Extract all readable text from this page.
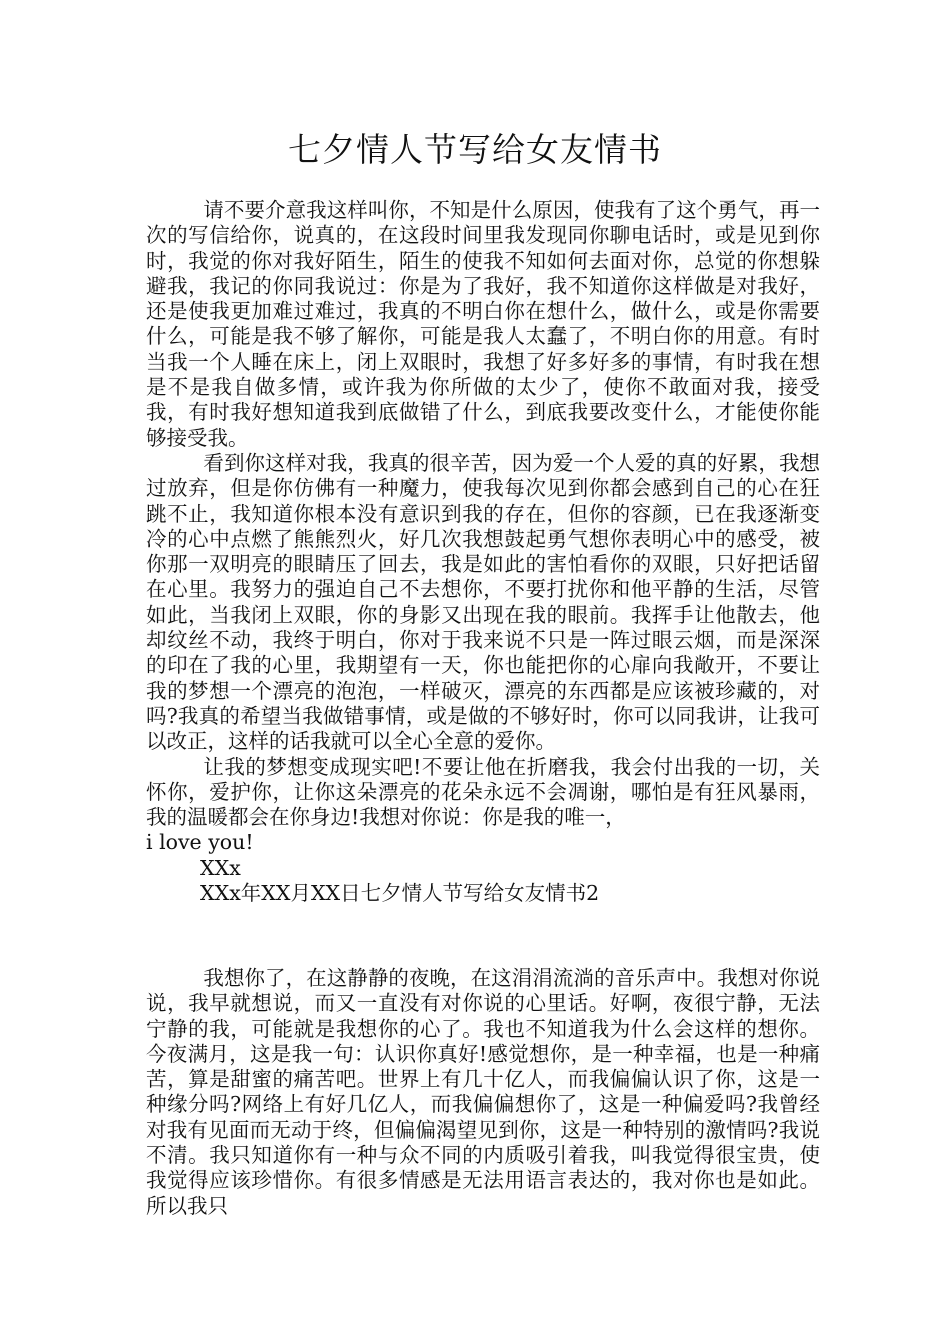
七夕情人节写给女友情书

请不要介意我这样叫你，不知是什么原因，使我有了这个勇气，再一次的写信给你，说真的，在这段时间里我发现同你聊电话时，或是见到你时，我觉的你对我好陌生，陌生的使我不知如何去面对你，总觉的你想躲避我，我记的你同我说过：你是为了我好，我不知道你这样做是对我好，还是使我更加难过难过，我真的不明白你在想什么，做什么，或是你需要什么，可能是我不够了解你，可能是我人太蠢了，不明白你的用意。有时当我一个人睡在床上，闭上双眼时，我想了好多好多的事情，有时我在想是不是我自做多情，或许我为你所做的太少了，使你不敢面对我，接受我，有时我好想知道我到底做错了什么，到底我要改变什么，才能使你能够接受我。

看到你这样对我，我真的很辛苦，因为爱一个人爱的真的好累，我想过放弃，但是你仿佛有一种魔力，使我每次见到你都会感到自己的心在狂跳不止，我知道你根本没有意识到我的存在，但你的容颜，已在我逐渐变冷的心中点燃了熊熊烈火，好几次我想鼓起勇气想你表明心中的感受，被你那一双明亮的眼睛压了回去，我是如此的害怕看你的双眼，只好把话留在心里。我努力的强迫自己不去想你，不要打扰你和他平静的生活，尽管如此，当我闭上双眼，你的身影又出现在我的眼前。我挥手让他散去，他却纹丝不动，我终于明白，你对于我来说不只是一阵过眼云烟，而是深深的印在了我的心里，我期望有一天，你也能把你的心扉向我敞开，不要让我的梦想一个漂亮的泡泡，一样破灭，漂亮的东西都是应该被珍藏的，对吗?我真的希望当我做错事情，或是做的不够好时，你可以同我讲，让我可以改正，这样的话我就可以全心全意的爱你。

让我的梦想变成现实吧!不要让他在折磨我，我会付出我的一切，关怀你，爱护你，让你这朵漂亮的花朵永远不会凋谢，哪怕是有狂风暴雨，我的温暖都会在你身边!我想对你说：你是我的唯一，

i love you!

XXx

XXx年XX月XX日七夕情人节写给女友情书2

我想你了，在这静静的夜晚，在这涓涓流淌的音乐声中。我想对你说说，我早就想说，而又一直没有对你说的心里话。好啊，夜很宁静，无法宁静的我，可能就是我想你的心了。我也不知道我为什么会这样的想你。今夜满月，这是我一句：认识你真好!感觉想你，是一种幸福，也是一种痛苦，算是甜蜜的痛苦吧。世界上有几十亿人，而我偏偏认识了你，这是一种缘分吗?网络上有好几亿人，而我偏偏想你了，这是一种偏爱吗?我曾经对我有见面而无动于终，但偏偏渴望见到你，这是一种特别的激情吗?我说不清。我只知道你有一种与众不同的内质吸引着我，叫我觉得很宝贵，使我觉得应该珍惜你。有很多情感是无法用语言表达的，我对你也是如此。所以我只
